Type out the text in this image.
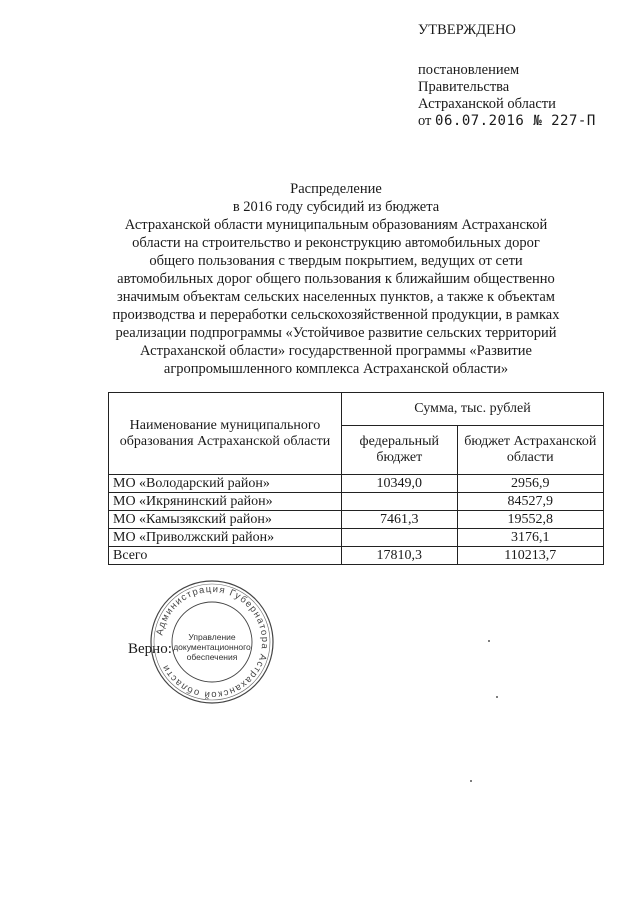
УТВЕРЖДЕНО
постановлением
Правительства
Астраханской области
от 06.07.2016 № 227-П
Распределение
в 2016 году субсидий из бюджета
Астраханской области муниципальным образованиям Астраханской
области на строительство и реконструкцию автомобильных дорог
общего пользования с твердым покрытием, ведущих от сети
автомобильных дорог общего пользования к ближайшим общественно
значимым объектам сельских населенных пунктов, а также к объектам
производства и переработки сельскохозяйственной продукции, в рамках
реализации подпрограммы «Устойчивое развитие сельских территорий
Астраханской области» государственной программы «Развитие
агропромышленного комплекса Астраханской области»
Наименование муниципального образования Астраханской области	Сумма, тыс. рублей	
	федеральный бюджет	бюджет Астраханской области
МО «Володарский район»	10349,0	2956,9
МО «Икрянинский район»		84527,9
МО «Камызякский район»	7461,3	19552,8
МО «Приволжский район»		3176,1
Всего	17810,3	110213,7
Верно:
Администрация Губернатора Астраханской области
Управление
документационного
обеспечения
